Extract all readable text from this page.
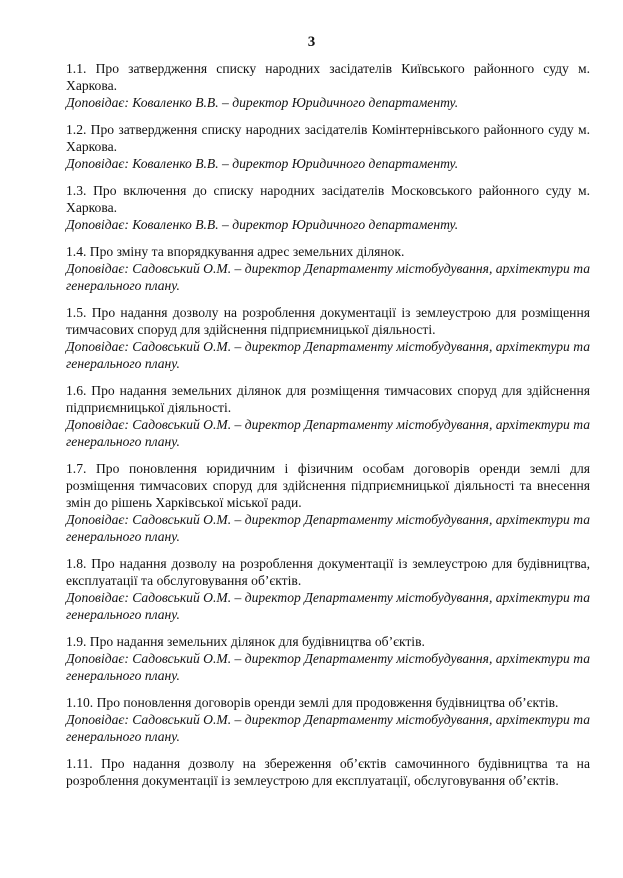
3

1.1. Про затвердження списку народних засідателів Київського районного суду м. Харкова.

Доповідає: Коваленко В.В. – директор Юридичного департаменту.

1.2. Про затвердження списку народних засідателів Комінтернівського районного суду м. Харкова.

Доповідає: Коваленко В.В. – директор Юридичного департаменту.

1.3. Про включення до списку народних засідателів Московського районного суду м. Харкова.

Доповідає: Коваленко В.В. – директор Юридичного департаменту.

1.4. Про зміну та впорядкування адрес земельних ділянок.

Доповідає: Садовський О.М. – директор Департаменту містобудування, архітектури та генерального плану.

1.5. Про надання дозволу на розроблення документації із землеустрою для розміщення тимчасових споруд для здійснення підприємницької діяльності.

Доповідає: Садовський О.М. – директор Департаменту містобудування, архітектури та генерального плану.

1.6. Про надання земельних ділянок для розміщення тимчасових споруд для здійснення підприємницької діяльності.

Доповідає: Садовський О.М. – директор Департаменту містобудування, архітектури та генерального плану.

1.7. Про поновлення юридичним і фізичним особам договорів оренди землі для розміщення тимчасових споруд для здійснення підприємницької діяльності та внесення змін до рішень Харківської міської ради.

Доповідає: Садовський О.М. – директор Департаменту містобудування, архітектури та генерального плану.

1.8. Про надання дозволу на розроблення документації із землеустрою для будівництва, експлуатації та обслуговування об’єктів.

Доповідає: Садовський О.М. – директор Департаменту містобудування, архітектури та генерального плану.

1.9. Про надання земельних ділянок для будівництва об’єктів.

Доповідає: Садовський О.М. – директор Департаменту містобудування, архітектури та генерального плану.

1.10. Про поновлення договорів оренди землі для продовження будівництва об’єктів.

Доповідає: Садовський О.М. – директор Департаменту містобудування, архітектури та генерального плану.

1.11. Про надання дозволу на збереження об’єктів самочинного будівництва та на розроблення документації із землеустрою для експлуатації, обслуговування об’єктів.
